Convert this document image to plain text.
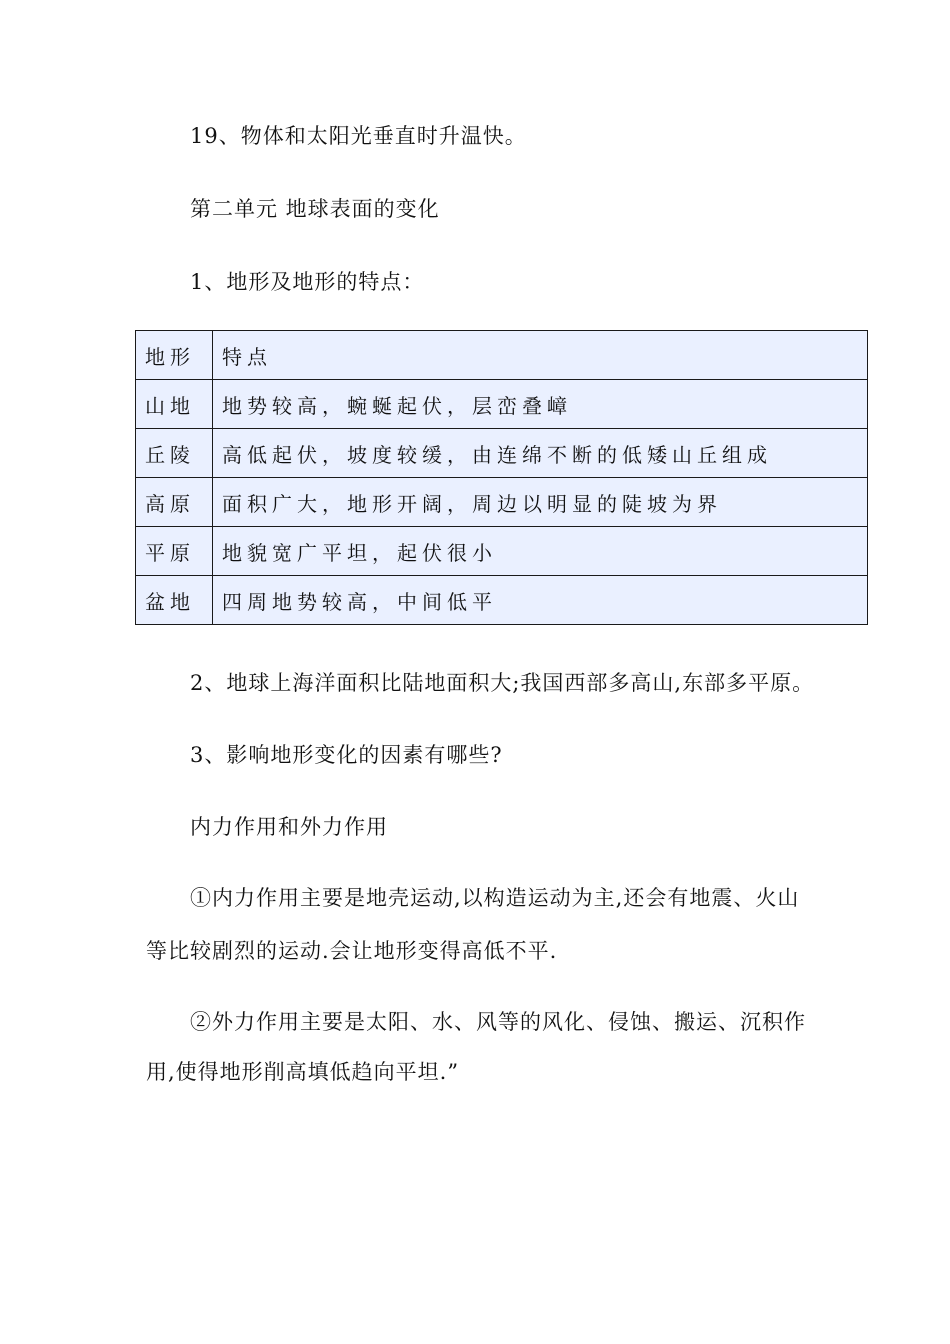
19、物体和太阳光垂直时升温快。
第二单元 地球表面的变化
1、地形及地形的特点：
地形	特点
山地	地势较高，蜿蜒起伏，层峦叠嶂
丘陵	高低起伏，坡度较缓，由连绵不断的低矮山丘组成
高原	面积广大，地形开阔，周边以明显的陡坡为界
平原	地貌宽广平坦，起伏很小
盆地	四周地势较高，中间低平
2、地球上海洋面积比陆地面积大;我国西部多高山,东部多平原。
3、影响地形变化的因素有哪些?
内力作用和外力作用
①内力作用主要是地壳运动,以构造运动为主,还会有地震、火山
等比较剧烈的运动.会让地形变得高低不平.
②外力作用主要是太阳、水、风等的风化、侵蚀、搬运、沉积作
用,使得地形削高填低趋向平坦.”
